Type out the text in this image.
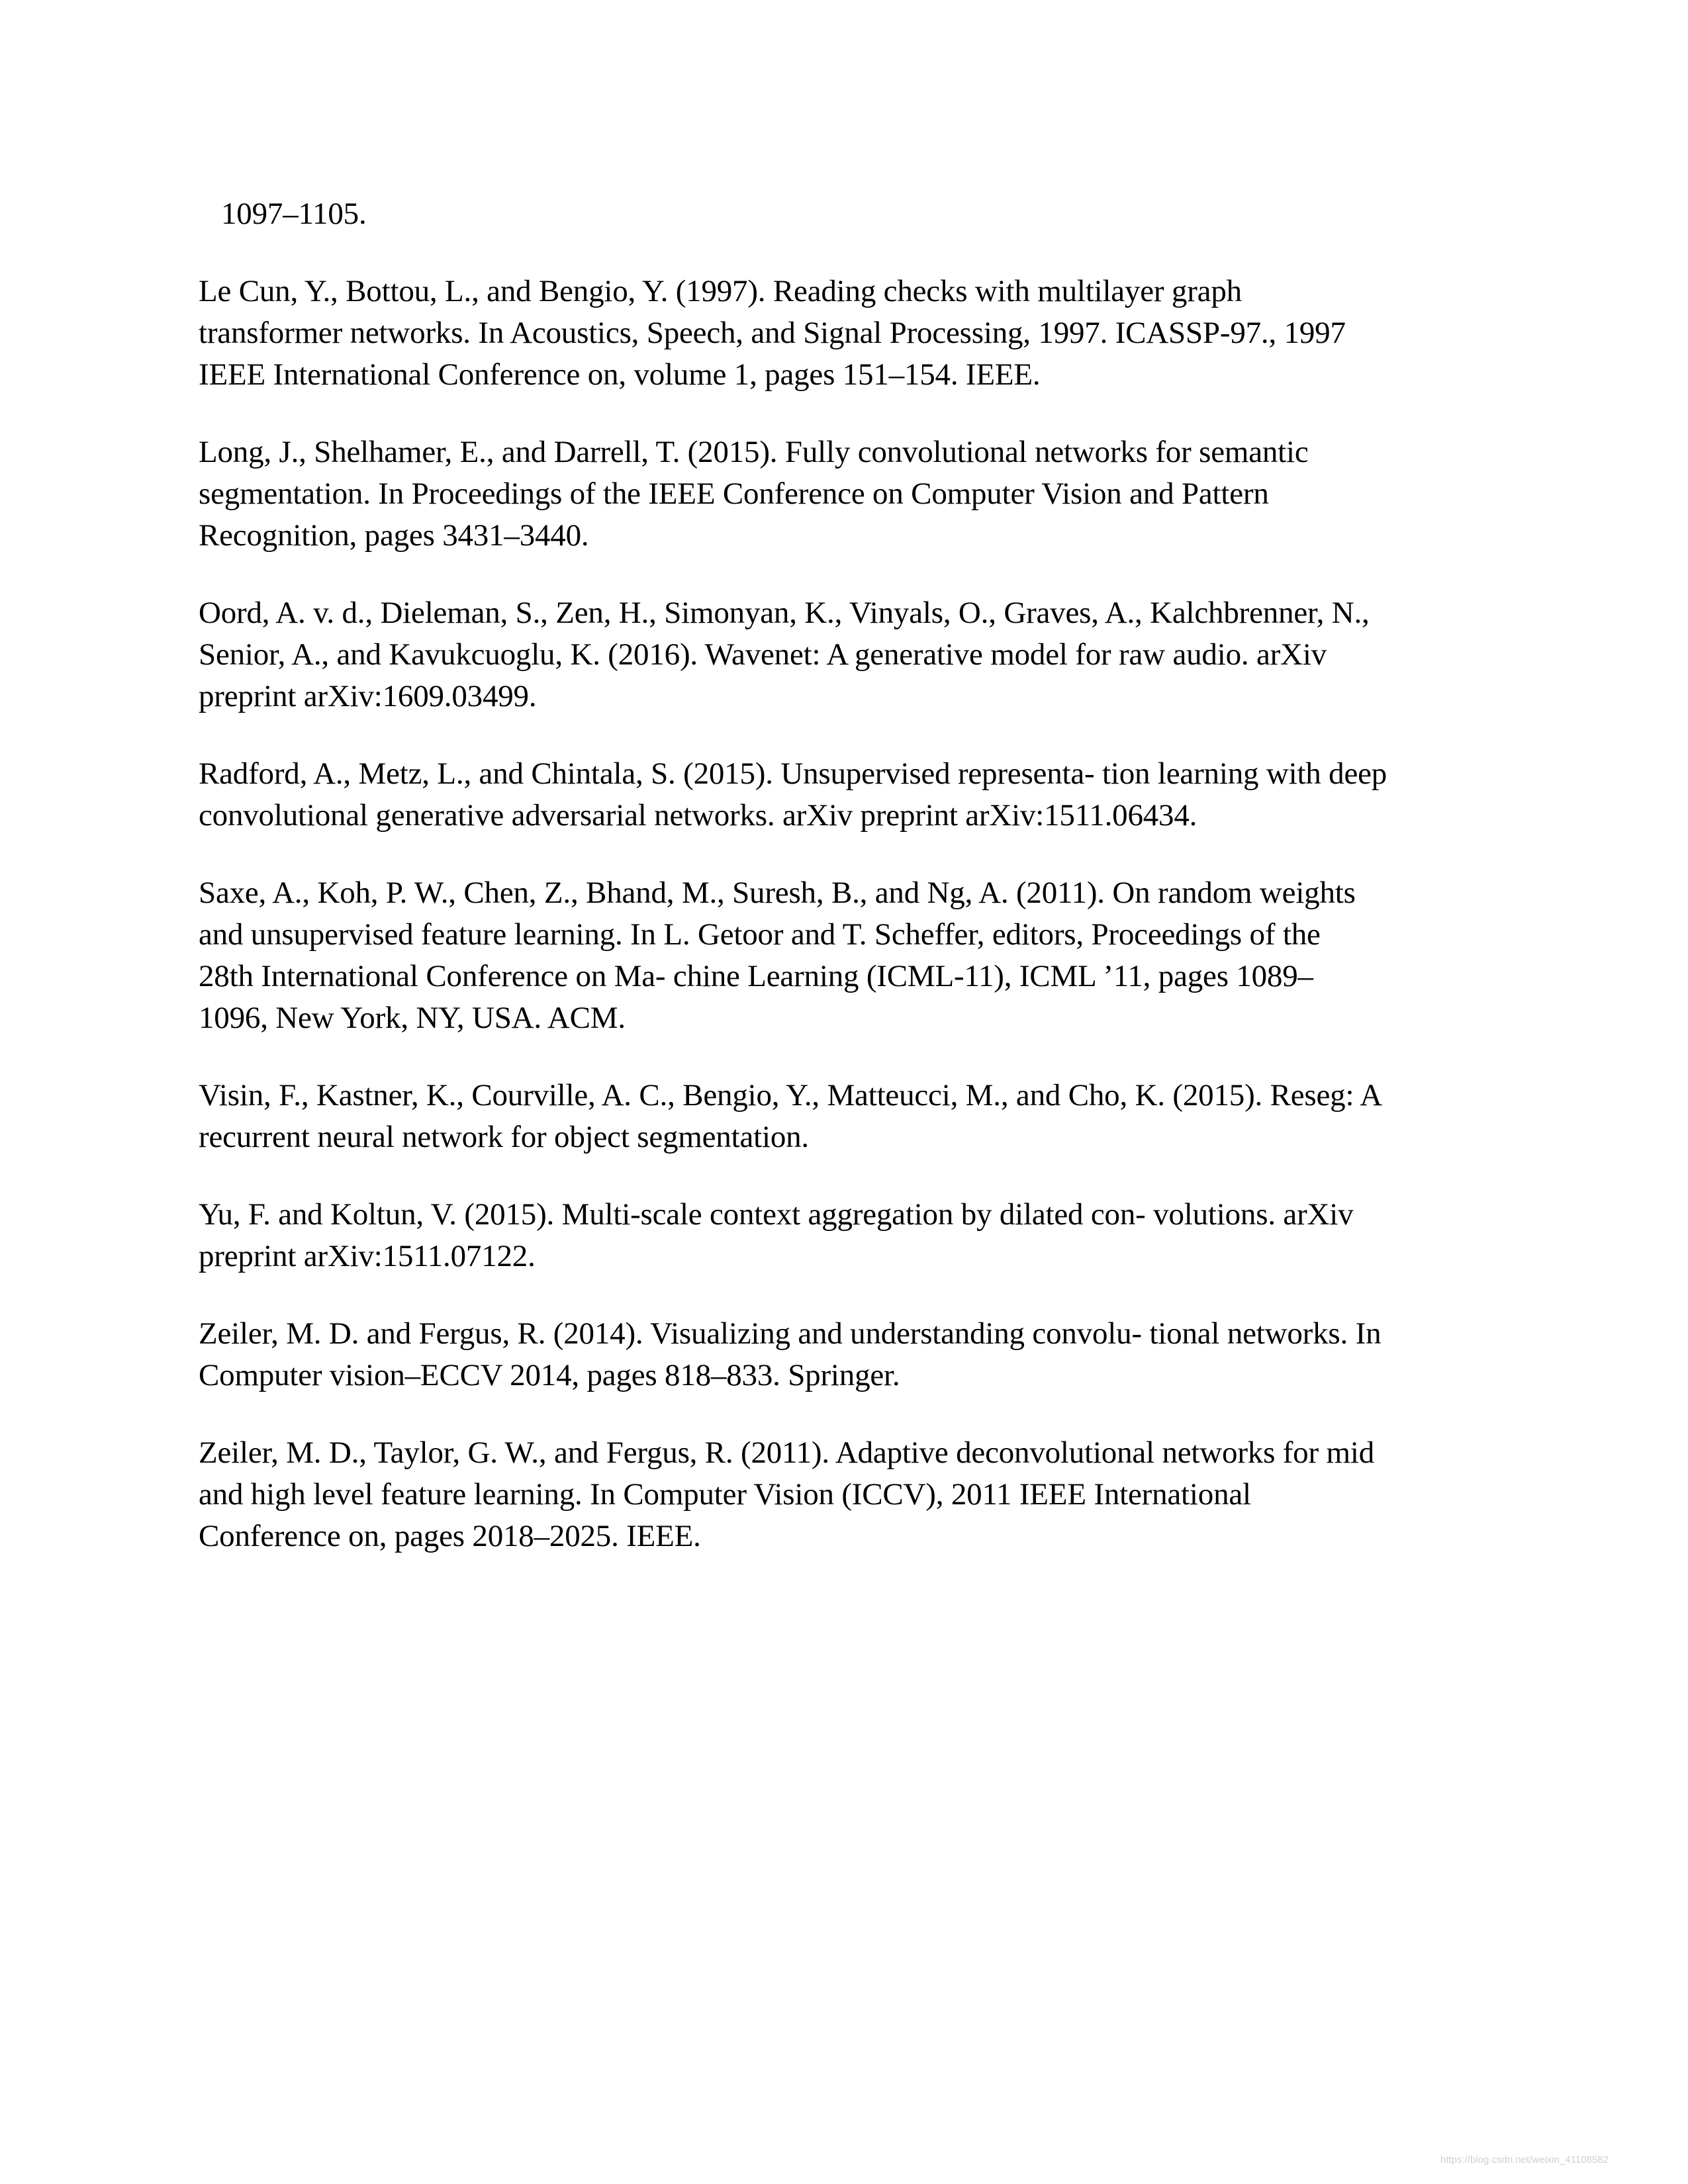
1097–1105.
Le Cun, Y., Bottou, L., and Bengio, Y. (1997). Reading checks with multilayer graph
transformer networks. In Acoustics, Speech, and Signal Processing, 1997. ICASSP-97., 1997
IEEE International Conference on, volume 1, pages 151–154. IEEE.
Long, J., Shelhamer, E., and Darrell, T. (2015). Fully convolutional networks for semantic
segmentation. In Proceedings of the IEEE Conference on Computer Vision and Pattern
Recognition, pages 3431–3440.
Oord, A. v. d., Dieleman, S., Zen, H., Simonyan, K., Vinyals, O., Graves, A., Kalchbrenner, N.,
Senior, A., and Kavukcuoglu, K. (2016). Wavenet: A generative model for raw audio. arXiv
preprint arXiv:1609.03499.
Radford, A., Metz, L., and Chintala, S. (2015). Unsupervised representa- tion learning with deep
convolutional generative adversarial networks. arXiv preprint arXiv:1511.06434.
Saxe, A., Koh, P. W., Chen, Z., Bhand, M., Suresh, B., and Ng, A. (2011). On random weights
and unsupervised feature learning. In L. Getoor and T. Scheffer, editors, Proceedings of the
28th International Conference on Ma- chine Learning (ICML-11), ICML ’11, pages 1089–
1096, New York, NY, USA. ACM.
Visin, F., Kastner, K., Courville, A. C., Bengio, Y., Matteucci, M., and Cho, K. (2015). Reseg: A
recurrent neural network for object segmentation.
Yu, F. and Koltun, V. (2015). Multi-scale context aggregation by dilated con- volutions. arXiv
preprint arXiv:1511.07122.
Zeiler, M. D. and Fergus, R. (2014). Visualizing and understanding convolu- tional networks. In
Computer vision–ECCV 2014, pages 818–833. Springer.
Zeiler, M. D., Taylor, G. W., and Fergus, R. (2011). Adaptive deconvolutional networks for mid
and high level feature learning. In Computer Vision (ICCV), 2011 IEEE International
Conference on, pages 2018–2025. IEEE.
https://blog.csdn.net/weixin_41108582
